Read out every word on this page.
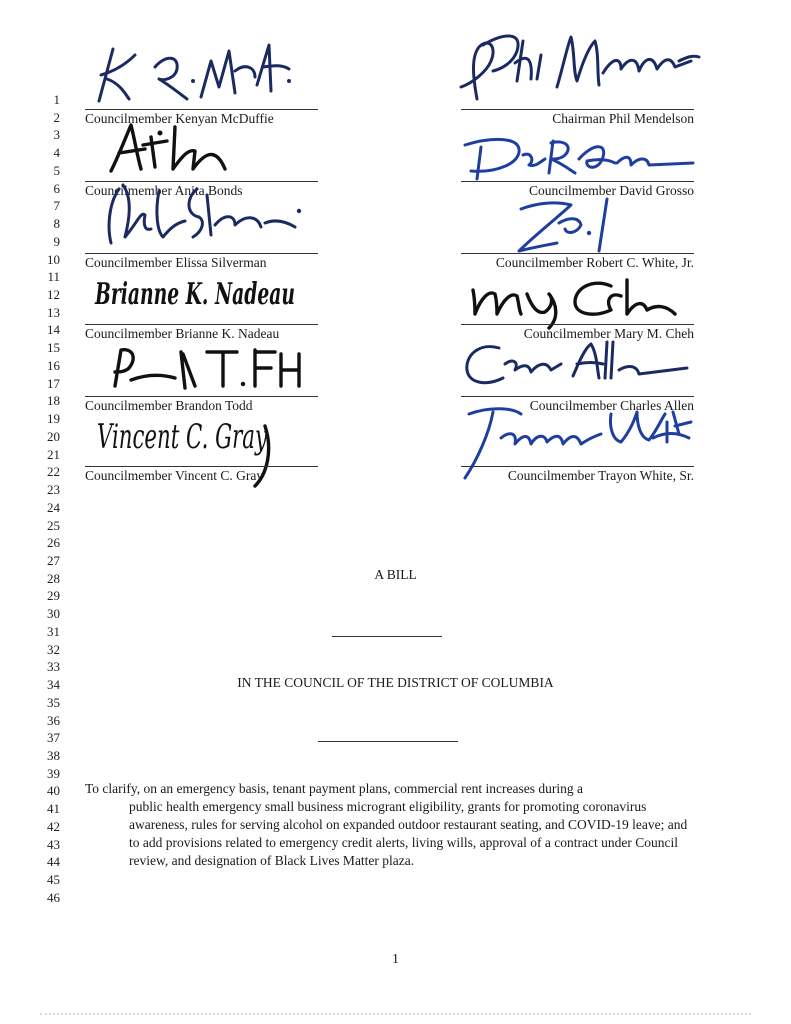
1
2
3
4
5
6
7
8
9
10
11
12
13
14
15
16
17
18
19
20
21
22
23
24
25
26
27
28
29
30
31
32
33
34
35
36
37
38
39
40
41
42
43
44
45
46
Councilmember Kenyan McDuffie
Councilmember Anita Bonds
Councilmember Elissa Silverman
Brianne K. Nadeau
Councilmember Brianne K. Nadeau
Councilmember Brandon Todd
Vincent C. Gray
Councilmember Vincent C. Gray
Chairman Phil Mendelson
Councilmember David Grosso
Councilmember Robert C. White, Jr.
Councilmember Mary M. Cheh
Councilmember Charles Allen
Councilmember Trayon White, Sr.
A BILL
IN THE COUNCIL OF THE DISTRICT OF COLUMBIA
To clarify, on an emergency basis, tenant payment plans, commercial rent increases during a
public health emergency small business microgrant eligibility, grants for promoting coronavirus awareness, rules for serving alcohol on expanded outdoor restaurant seating, and COVID-19 leave; and to add provisions related to emergency credit alerts, living wills, approval of a contract under Council review, and designation of Black Lives Matter plaza.
1
